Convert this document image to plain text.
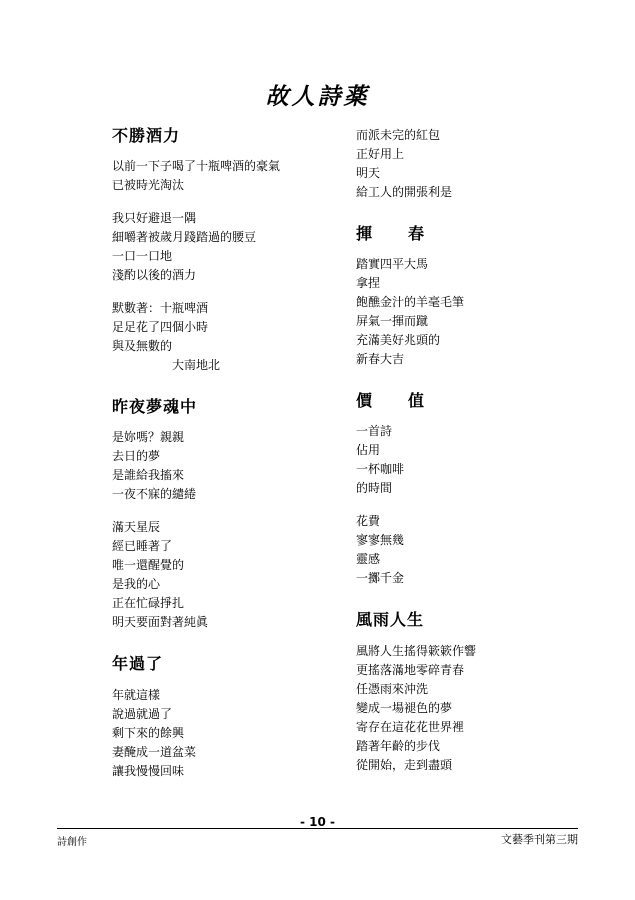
故人詩薬
不勝酒力
以前一下子喝了十瓶啤酒的豪氣
已被時光淘汰
我只好避退一隅
細嚼著被歲月踐踏過的腰豆
一口一口地
淺酌以後的酒力
默數著：十瓶啤酒
足足花了四個小時
與及無數的
大南地北
昨夜夢魂中
是妳嗎？親親
去日的夢
是誰給我搐來
一夜不寐的繾綣
滿天星辰
經已睡著了
唯一還醒覺的
是我的心
正在忙碌掙扎
明天要面對著純眞
年過了
年就這樣
說過就過了
剩下來的餘興
妻醃成一道盆菜
讓我慢慢回味
而派未完的紅包
正好用上
明天
給工人的開張利是
揮　春
踏實四平大馬
拿捏
飽醮金汁的羊毫毛筆
屏氣一揮而蹴
充滿美好兆頭的
新春大吉
價　值
一首詩
佔用
一杯咖啡
的時間
花費
寥寥無幾
靈感
一擲千金
風雨人生
風將人生搖得簌簌作響
更搖落滿地零碎青春
任憑雨來沖洗
變成一場褪色的夢
寄存在這花花世界裡
踏著年齡的步伐
從開始，走到盡頭
- 10 -
詩創作	文藝季刊第三期
